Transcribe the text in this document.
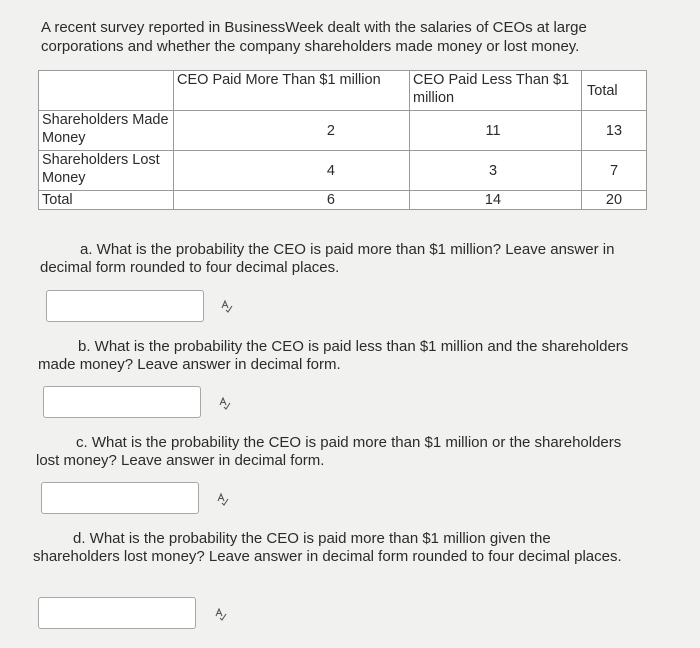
A recent survey reported in BusinessWeek dealt with the salaries of CEOs at large corporations and whether the company shareholders made money or lost money.
	CEO Paid More Than $1 million	CEO Paid Less Than $1 million	Total
Shareholders Made Money	2	11	13
Shareholders Lost Money	4	3	7
Total	6	14	20
a. What is the probability the CEO is paid more than $1 million? Leave answer in decimal form rounded to four decimal places.
b. What is the probability the CEO is paid less than $1 million and the shareholders made money? Leave answer in decimal form.
c. What is the probability the CEO is paid more than $1 million or the shareholders lost money? Leave answer in decimal form.
d. What is the probability the CEO is paid more than $1 million given the shareholders lost money? Leave answer in decimal form rounded to four decimal places.
